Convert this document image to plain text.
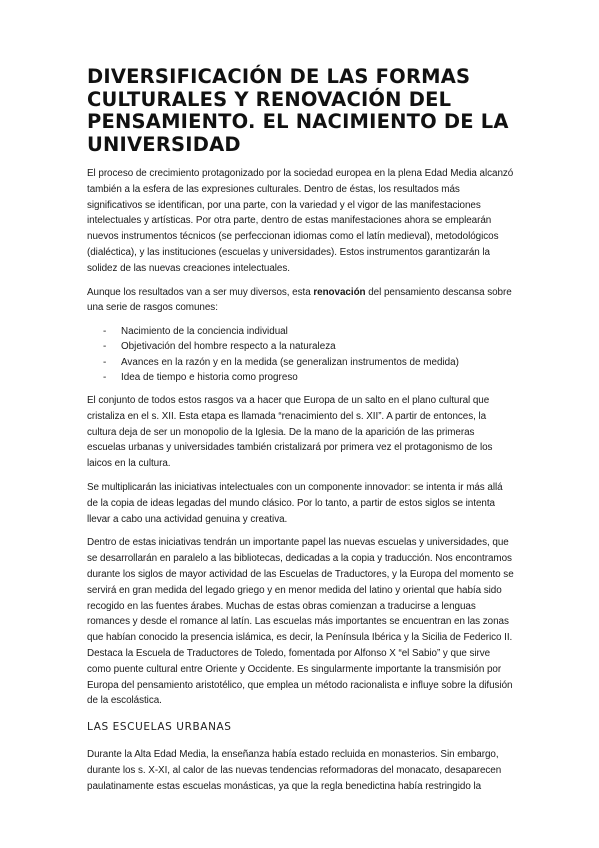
DIVERSIFICACIÓN DE LAS FORMAS CULTURALES Y RENOVACIÓN DEL PENSAMIENTO. EL NACIMIENTO DE LA UNIVERSIDAD

El proceso de crecimiento protagonizado por la sociedad europea en la plena Edad Media alcanzó también a la esfera de las expresiones culturales. Dentro de éstas, los resultados más significativos se identifican, por una parte, con la variedad y el vigor de las manifestaciones intelectuales y artísticas. Por otra parte, dentro de estas manifestaciones ahora se emplearán nuevos instrumentos técnicos (se perfeccionan idiomas como el latín medieval), metodológicos (dialéctica), y las instituciones (escuelas y universidades). Estos instrumentos garantizarán la solidez de las nuevas creaciones intelectuales.

Aunque los resultados van a ser muy diversos, esta renovación del pensamiento descansa sobre una serie de rasgos comunes:

- Nacimiento de la conciencia individual
- Objetivación del hombre respecto a la naturaleza
- Avances en la razón y en la medida (se generalizan instrumentos de medida)
- Idea de tiempo e historia como progreso

El conjunto de todos estos rasgos va a hacer que Europa de un salto en el plano cultural que cristaliza en el s. XII. Esta etapa es llamada “renacimiento del s. XII”. A partir de entonces, la cultura deja de ser un monopolio de la Iglesia. De la mano de la aparición de las primeras escuelas urbanas y universidades también cristalizará por primera vez el protagonismo de los laicos en la cultura.

Se multiplicarán las iniciativas intelectuales con un componente innovador: se intenta ir más allá de la copia de ideas legadas del mundo clásico. Por lo tanto, a partir de estos siglos se intenta llevar a cabo una actividad genuina y creativa.

Dentro de estas iniciativas tendrán un importante papel las nuevas escuelas y universidades, que se desarrollarán en paralelo a las bibliotecas, dedicadas a la copia y traducción. Nos encontramos durante los siglos de mayor actividad de las Escuelas de Traductores, y la Europa del momento se servirá en gran medida del legado griego y en menor medida del latino y oriental que había sido recogido en las fuentes árabes. Muchas de estas obras comienzan a traducirse a lenguas romances y desde el romance al latín. Las escuelas más importantes se encuentran en las zonas que habían conocido la presencia islámica, es decir, la Península Ibérica y la Sicilia de Federico II. Destaca la Escuela de Traductores de Toledo, fomentada por Alfonso X “el Sabio” y que sirve como puente cultural entre Oriente y Occidente. Es singularmente importante la transmisión por Europa del pensamiento aristotélico, que emplea un método racionalista e influye sobre la difusión de la escolástica.

LAS ESCUELAS URBANAS

Durante la Alta Edad Media, la enseñanza había estado recluida en monasterios. Sin embargo, durante los s. X-XI, al calor de las nuevas tendencias reformadoras del monacato, desaparecen paulatinamente estas escuelas monásticas, ya que la regla benedictina había restringido la
